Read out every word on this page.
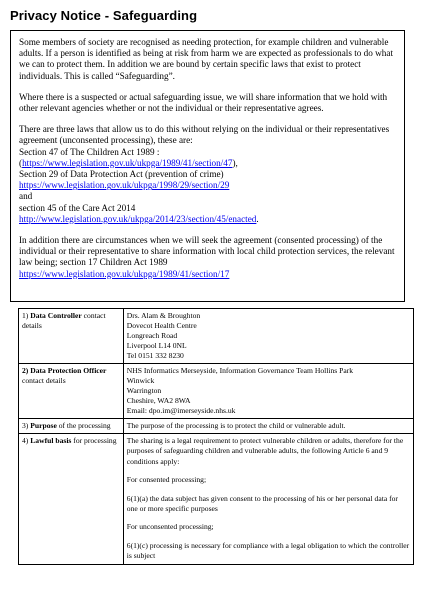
Privacy Notice - Safeguarding

Some members of society are recognised as needing protection, for example children and vulnerable adults. If a person is identified as being at risk from harm we are expected as professionals to do what we can to protect them. In addition we are bound by certain specific laws that exist to protect individuals. This is called “Safeguarding”.

Where there is a suspected or actual safeguarding issue, we will share information that we hold with other relevant agencies whether or not the individual or their representative agrees.

There are three laws that allow us to do this without relying on the individual or their representatives agreement (unconsented processing), these are:
Section 47 of The Children Act 1989 :
(https://www.legislation.gov.uk/ukpga/1989/41/section/47),
Section 29 of Data Protection Act (prevention of crime)
https://www.legislation.gov.uk/ukpga/1998/29/section/29
and
section 45 of the Care Act 2014
http://www.legislation.gov.uk/ukpga/2014/23/section/45/enacted.

In addition there are circumstances when we will seek the agreement (consented processing) of the individual or their representative to share information with local child protection services, the relevant law being; section 17 Children Act 1989
https://www.legislation.gov.uk/ukpga/1989/41/section/17

1) Data Controller contact details	Drs. Alam & Broughton
Dovecot Health Centre
Longreach Road
Liverpool L14 0NL
Tel 0151 332 8230
2) Data Protection Officer contact details	NHS Informatics Merseyside, Information Governance Team Hollins Park
Winwick
Warrington
Cheshire, WA2 8WA
Email: dpo.im@imerseyside.nhs.uk
3) Purpose of the processing	The purpose of the processing is to protect the child or vulnerable adult.
4) Lawful basis for processing	The sharing is a legal requirement to protect vulnerable children or adults, therefore for the purposes of safeguarding children and vulnerable adults, the following Article 6 and 9 conditions apply:

For consented processing;

6(1)(a) the data subject has given consent to the processing of his or her personal data for one or more specific purposes

For unconsented processing;

6(1)(c) processing is necessary for compliance with a legal obligation to which the controller is subject
